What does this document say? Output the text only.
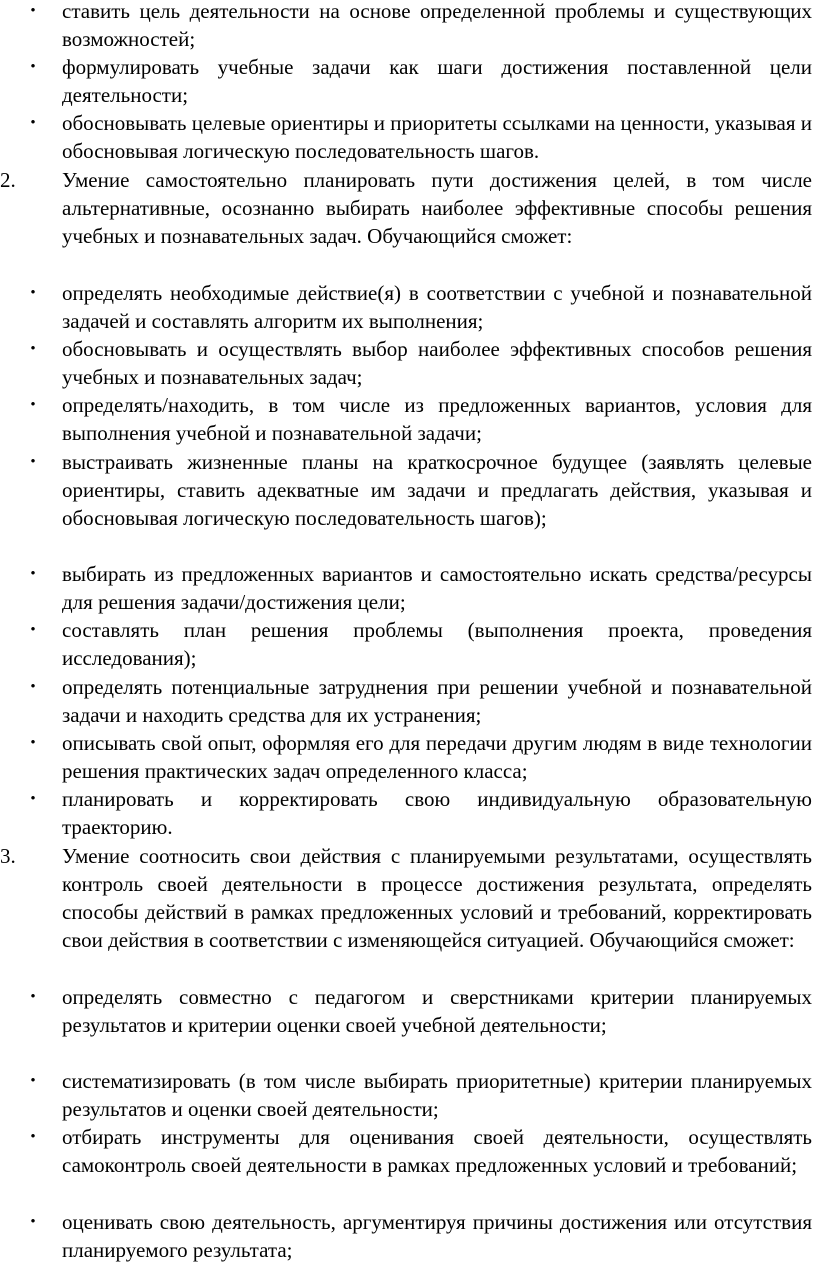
•	ставить цель деятельности на основе определенной проблемы и существующих возможностей;
•	формулировать учебные задачи как шаги достижения поставленной цели деятельности;
•	обосновывать целевые ориентиры и приоритеты ссылками на ценности, указывая и обосновывая логическую последовательность шагов.
2.	Умение самостоятельно планировать пути достижения целей, в том числе альтернативные, осознанно выбирать наиболее эффективные способы решения учебных и познавательных задач. Обучающийся сможет:
•	определять необходимые действие(я) в соответствии с учебной и познавательной задачей и составлять алгоритм их выполнения;
•	обосновывать и осуществлять выбор наиболее эффективных способов решения учебных и познавательных задач;
•	определять/находить, в том числе из предложенных вариантов, условия для выполнения учебной и познавательной задачи;
•	выстраивать жизненные планы на краткосрочное будущее (заявлять целевые ориентиры, ставить адекватные им задачи и предлагать действия, указывая и обосновывая логическую последовательность шагов);
•	выбирать из предложенных вариантов и самостоятельно искать средства/ресурсы для решения задачи/достижения цели;
•	составлять план решения проблемы (выполнения проекта, проведения исследования);
•	определять потенциальные затруднения при решении учебной и познавательной задачи и находить средства для их устранения;
•	описывать свой опыт, оформляя его для передачи другим людям в виде технологии решения практических задач определенного класса;
•	планировать и корректировать свою индивидуальную образовательную траекторию.
3.	Умение соотносить свои действия с планируемыми результатами, осуществлять контроль своей деятельности в процессе достижения результата, определять способы действий в рамках предложенных условий и требований, корректировать свои действия в соответствии с изменяющейся ситуацией. Обучающийся сможет:
•	определять совместно с педагогом и сверстниками критерии планируемых результатов и критерии оценки своей учебной деятельности;
•	систематизировать (в том числе выбирать приоритетные) критерии планируемых результатов и оценки своей деятельности;
•	отбирать инструменты для оценивания своей деятельности, осуществлять самоконтроль своей деятельности в рамках предложенных условий и требований;
•	оценивать свою деятельность, аргументируя причины достижения или отсутствия планируемого результата;
